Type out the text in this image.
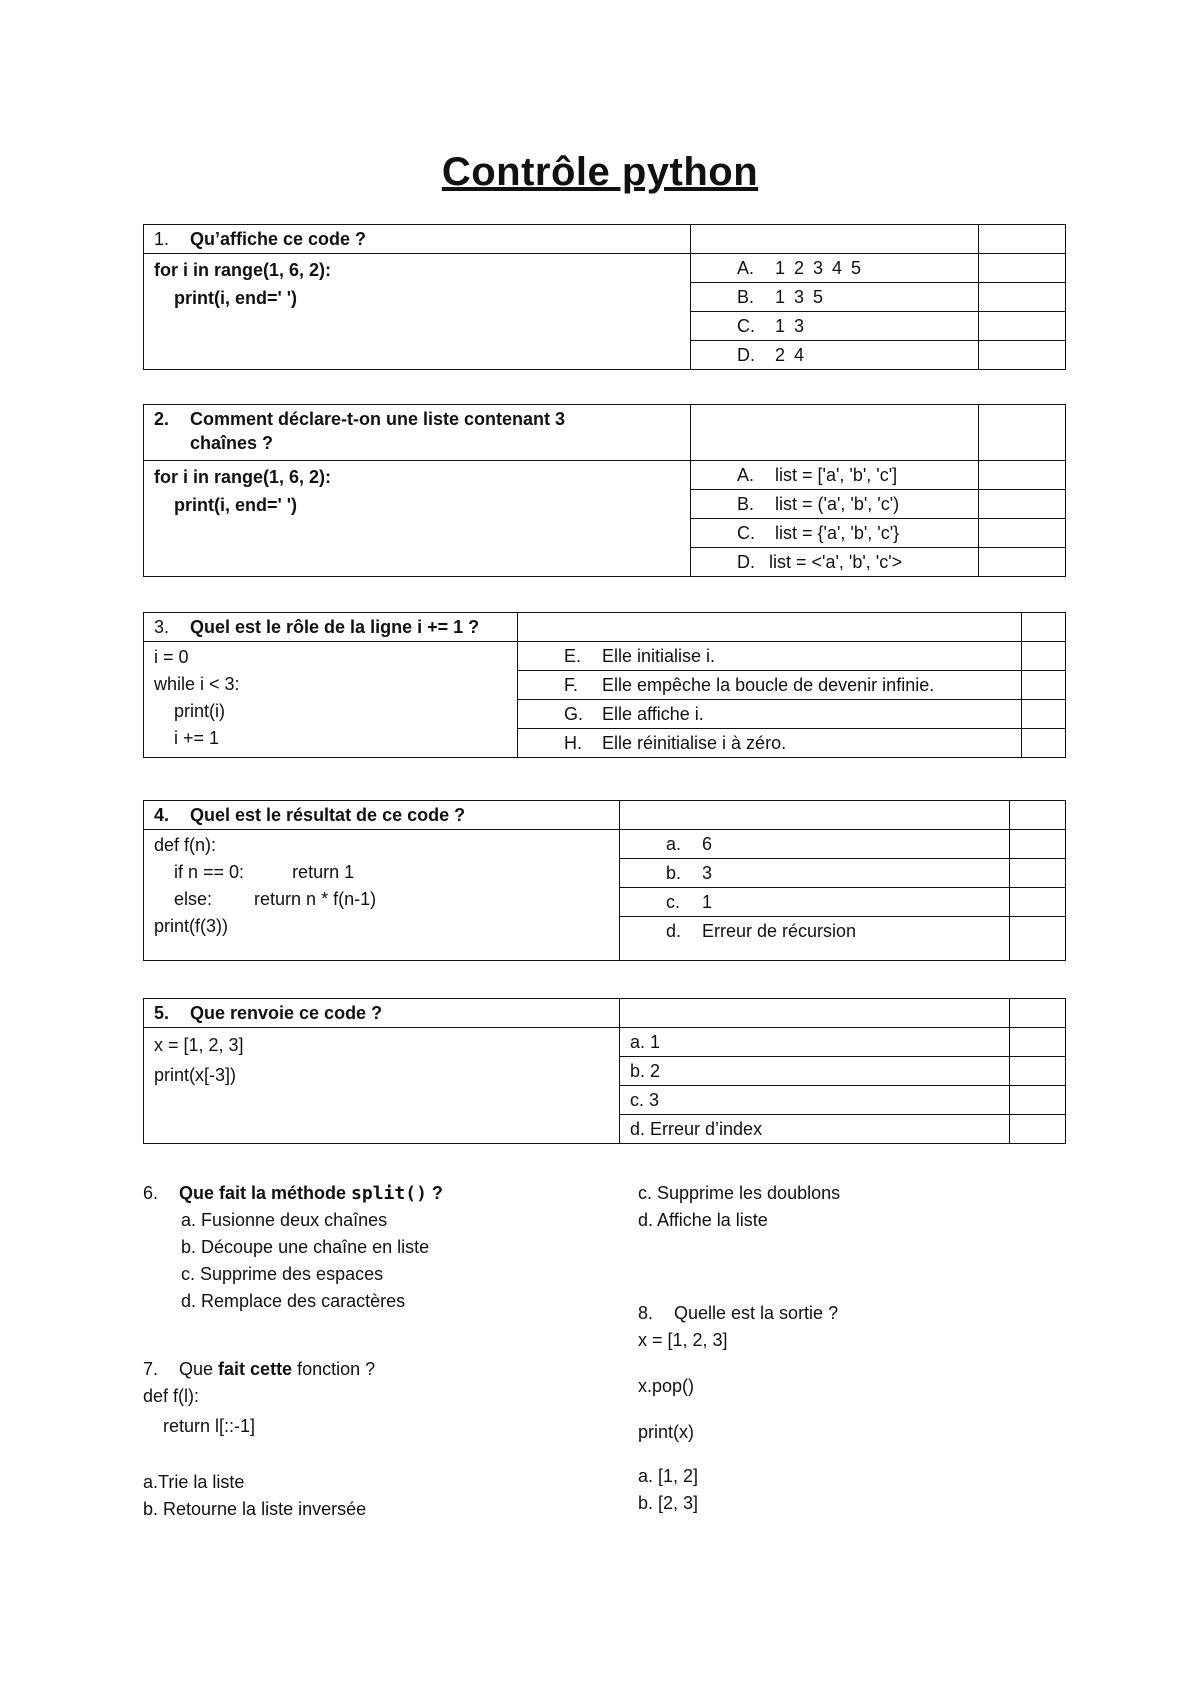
Contrôle python
1. Qu’affiche ce code ?		

for i in range(1, 6, 2):
print(i, end=' ')	A. 1 2 3 4 5	
	B. 1 3 5	
	C. 1 3	
	D. 2 4	
2. Comment déclare-t-on une liste contenant 3
chaînes ?		

for i in range(1, 6, 2):
print(i, end=' ')	A. list = ['a', 'b', 'c']	
	B. list = ('a', 'b', 'c')	
	C. list = {'a', 'b', 'c'}	
	D. list = <'a', 'b', 'c'>	
3. Quel est le rôle de la ligne i += 1 ?		

i = 0
while i < 3:
print(i)
i += 1	E. Elle initialise i.	
	F. Elle empêche la boucle de devenir infinie.	
	G. Elle affiche i.	
	H. Elle réinitialise i à zéro.	
4. Quel est le résultat de ce code ?		

def f(n):
if n == 0: return 1
else: return n * f(n-1)
print(f(3))	a. 6	
	b. 3	
	c. 1	
	d. Erreur de récursion	
5. Que renvoie ce code ?		

x = [1, 2, 3]
print(x[-3])	a. 1	
	b. 2	
	c. 3	
	d. Erreur d’index	
6. Que fait la méthode split() ?
a. Fusionne deux chaînes
b. Découpe une chaîne en liste
c. Supprime des espaces
d. Remplace des caractères
7. Que fait cette fonction ?
def f(l):
return l[::-1]
a.Trie la liste
b. Retourne la liste inversée
c. Supprime les doublons
d. Affiche la liste
8. Quelle est la sortie ?
x = [1, 2, 3]
x.pop()
print(x)
a. [1, 2]
b. [2, 3]
